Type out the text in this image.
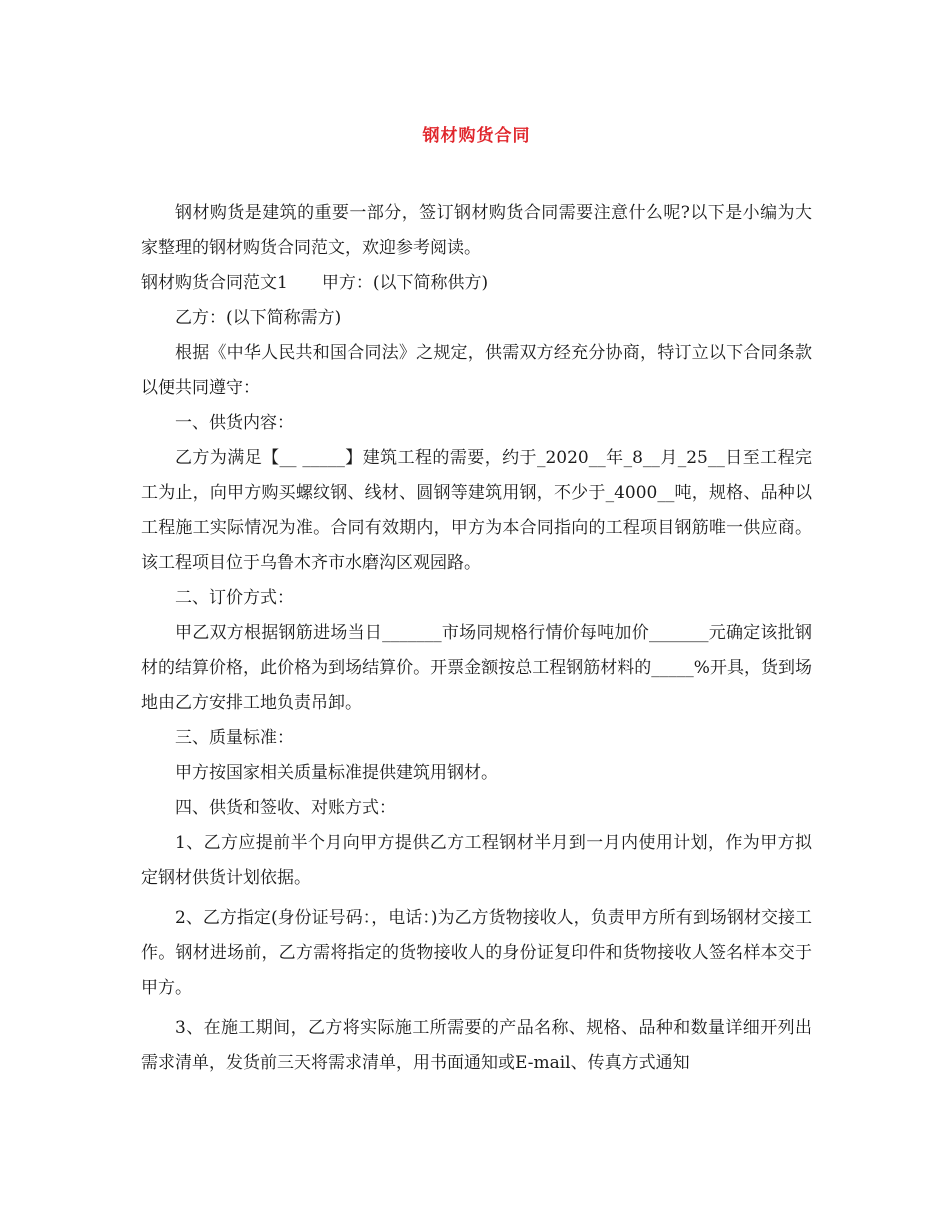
钢材购货合同

钢材购货是建筑的重要一部分，签订钢材购货合同需要注意什么呢?以下是小编为大家整理的钢材购货合同范文，欢迎参考阅读。

钢材购货合同范文1　　甲方：(以下简称供方)

乙方：(以下简称需方)

根据《中华人民共和国合同法》之规定，供需双方经充分协商，特订立以下合同条款以便共同遵守：

一、供货内容：

乙方为满足【__ _____】建筑工程的需要，约于_2020__年_8__月_25__日至工程完工为止，向甲方购买螺纹钢、线材、圆钢等建筑用钢，不少于_4000__吨，规格、品种以工程施工实际情况为准。合同有效期内，甲方为本合同指向的工程项目钢筋唯一供应商。该工程项目位于乌鲁木齐市水磨沟区观园路。

二、订价方式：

甲乙双方根据钢筋进场当日_______市场同规格行情价每吨加价_______元确定该批钢材的结算价格，此价格为到场结算价。开票金额按总工程钢筋材料的_____%开具，货到场地由乙方安排工地负责吊卸。

三、质量标准：

甲方按国家相关质量标准提供建筑用钢材。

四、供货和签收、对账方式：

1、乙方应提前半个月向甲方提供乙方工程钢材半月到一月内使用计划，作为甲方拟定钢材供货计划依据。

2、乙方指定(身份证号码：，电话：)为乙方货物接收人，负责甲方所有到场钢材交接工作。钢材进场前，乙方需将指定的货物接收人的身份证复印件和货物接收人签名样本交于甲方。

3、在施工期间，乙方将实际施工所需要的产品名称、规格、品种和数量详细开列出需求清单，发货前三天将需求清单，用书面通知或E-mail、传真方式通知
